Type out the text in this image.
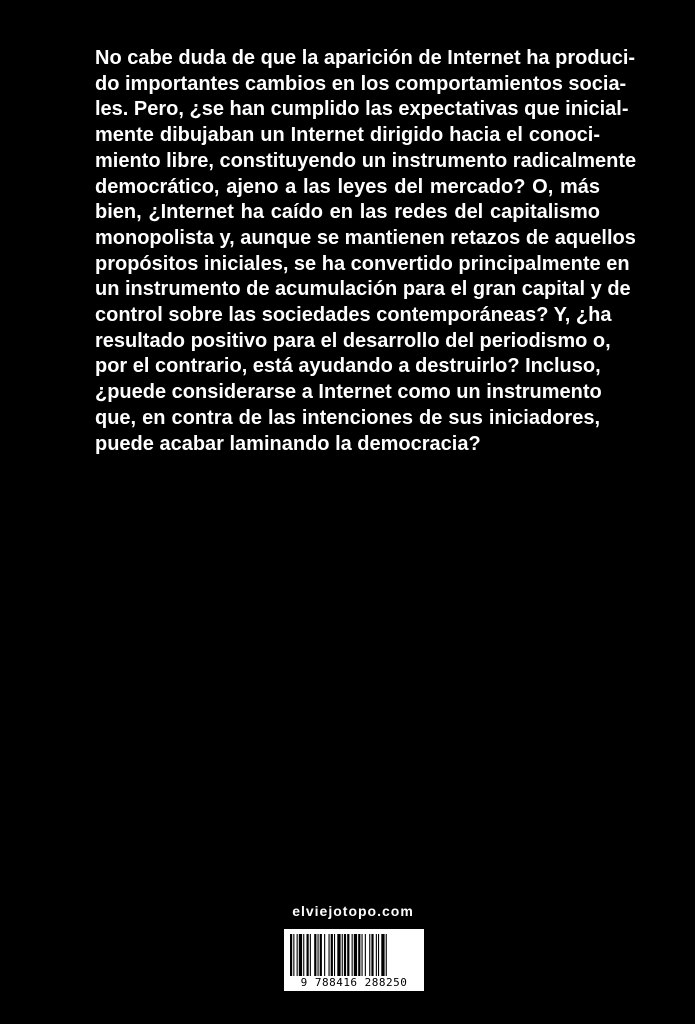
No cabe duda de que la aparición de Internet ha produci-
do importantes cambios en los comportamientos socia-
les. Pero, ¿se han cumplido las expectativas que inicial-
mente dibujaban un Internet dirigido hacia el conoci-
miento libre, constituyendo un instrumento radicalmente
democrático, ajeno a las leyes del mercado? O, más
bien, ¿Internet ha caído en las redes del capitalismo
monopolista y, aunque se mantienen retazos de aquellos
propósitos iniciales, se ha convertido principalmente en
un instrumento de acumulación para el gran capital y de
control sobre las sociedades contemporáneas? Y, ¿ha
resultado positivo para el desarrollo del periodismo o,
por el contrario, está ayudando a destruirlo? Incluso,
¿puede considerarse a Internet como un instrumento
que, en contra de las intenciones de sus iniciadores,
puede acabar laminando la democracia?
elviejotopo.com
9 788416 288250
